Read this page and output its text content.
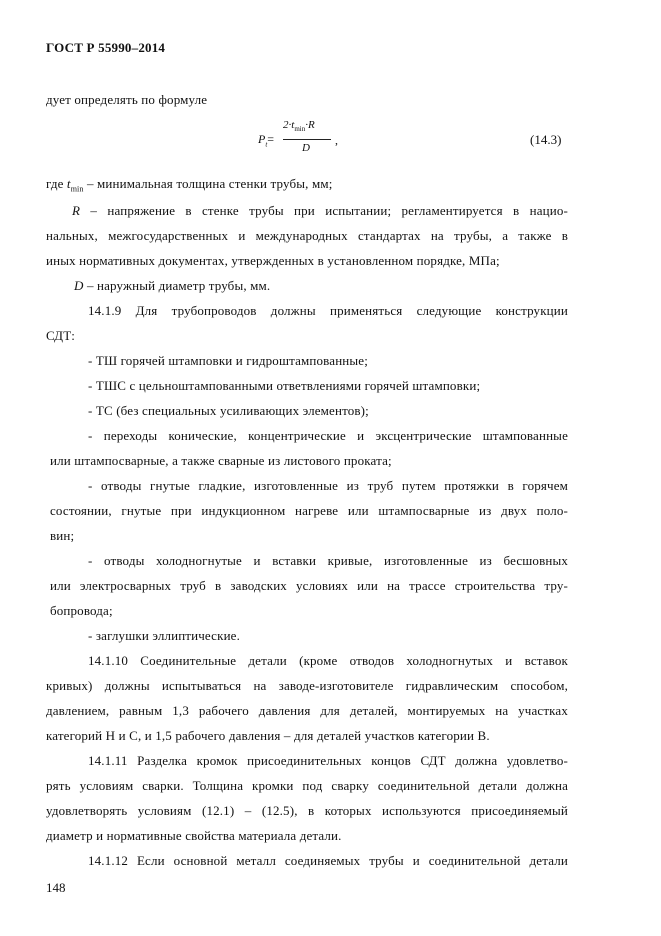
ГОСТ Р 55990–2014
дует определять по формуле
$P_t=$
$2\cdot t_{min}\cdot R$
D
,	(14.3)
где $t_{min}$ – минимальная толщина стенки трубы, мм;
R – напряжение в стенке трубы при испытании; регламентируется в нацио-
нальных, межгосударственных и международных стандартах на трубы, а также в
иных нормативных документах, утвержденных в установленном порядке, МПа;
D – наружный диаметр трубы, мм.
14.1.9 Для трубопроводов должны применяться следующие конструкции
СДТ:
- ТШ горячей штамповки и гидроштампованные;
- ТШС с цельноштампованными ответвлениями горячей штамповки;
- ТС (без специальных усиливающих элементов);
- переходы конические, концентрические и эксцентрические штампованные
или штампосварные, а также сварные из листового проката;
- отводы гнутые гладкие, изготовленные из труб путем протяжки в горячем
состоянии, гнутые при индукционном нагреве или штампосварные из двух поло-
вин;
- отводы холодногнутые и вставки кривые, изготовленные из бесшовных
или электросварных труб в заводских условиях или на трассе строительства тру-
бопровода;
- заглушки эллиптические.
14.1.10 Соединительные детали (кроме отводов холодногнутых и вставок
кривых) должны испытываться на заводе-изготовителе гидравлическим способом,
давлением, равным 1,3 рабочего давления для деталей, монтируемых на участках
категорий Н и С, и 1,5 рабочего давления – для деталей участков категории В.
14.1.11 Разделка кромок присоединительных концов СДТ должна удовлетво-
рять условиям сварки. Толщина кромки под сварку соединительной детали должна
удовлетворять условиям (12.1) – (12.5), в которых используются присоединяемый
диаметр и нормативные свойства материала детали.
14.1.12 Если основной металл соединяемых трубы и соединительной детали
148
